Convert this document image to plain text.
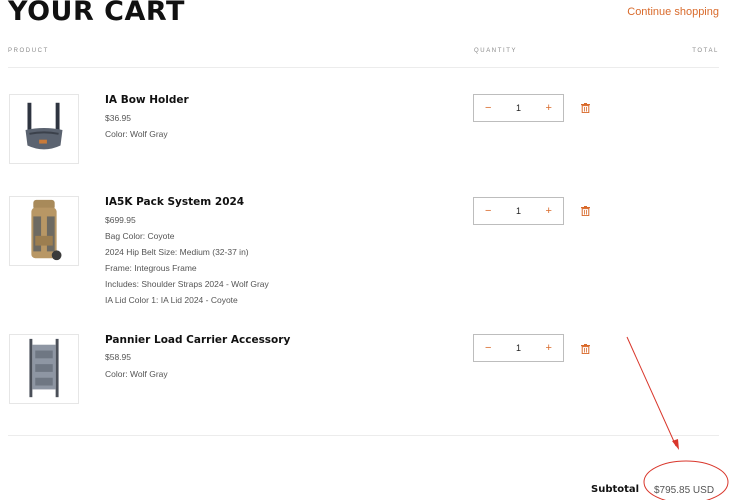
YOUR CART	Continue shopping
PRODUCT	QUANTITY	TOTAL
IA Bow Holder
$36.95
Color: Wolf Gray
−	1 +
IA5K Pack System 2024
$699.95
Bag Color: Coyote
2024 Hip Belt Size: Medium (32-37 in)
Frame: Integrous Frame
Includes: Shoulder Straps 2024 - Wolf Gray
IA Lid Color 1: IA Lid 2024 - Coyote
−	1 +
Pannier Load Carrier Accessory
$58.95
Color: Wolf Gray
−	1 +
Subtotal $795.85 USD
